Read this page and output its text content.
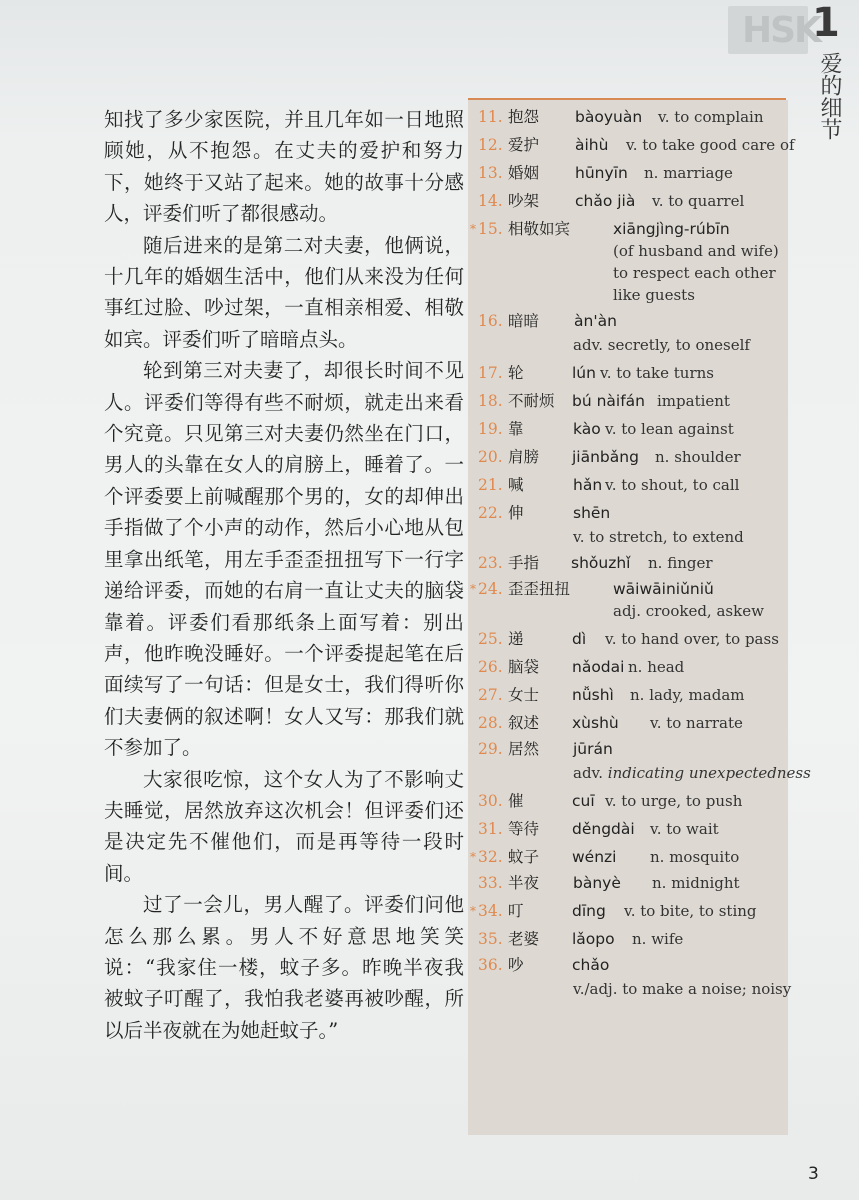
HSK
1
爱的细节

知找了多少家医院，并且几年如一日地照顾她，从不抱怨。在丈夫的爱护和努力下，她终于又站了起来。她的故事十分感人，评委们听了都很感动。

随后进来的是第二对夫妻，他俩说，十几年的婚姻生活中，他们从来没为任何事红过脸、吵过架，一直相亲相爱、相敬如宾。评委们听了暗暗点头。

轮到第三对夫妻了，却很长时间不见人。评委们等得有些不耐烦，就走出来看个究竟。只见第三对夫妻仍然坐在门口，男人的头靠在女人的肩膀上，睡着了。一个评委要上前喊醒那个男的，女的却伸出手指做了个小声的动作，然后小心地从包里拿出纸笔，用左手歪歪扭扭写下一行字递给评委，而她的右肩一直让丈夫的脑袋靠着。评委们看那纸条上面写着：别出声，他昨晚没睡好。一个评委提起笔在后面续写了一句话：但是女士，我们得听你们夫妻俩的叙述啊！女人又写：那我们就不参加了。

大家很吃惊，这个女人为了不影响丈夫睡觉，居然放弃这次机会！但评委们还是决定先不催他们，而是再等待一段时间。

过了一会儿，男人醒了。评委们问他怎么那么累。男人不好意思地笑笑说：“我家住一楼，蚊子多。昨晚半夜我被蚊子叮醒了，我怕我老婆再被吵醒，所以后半夜就在为她赶蚊子。”

11. 抱怨 bàoyuàn v. to complain
12. 爱护 àihù v. to take good care of
13. 婚姻 hūnyīn n. marriage
14. 吵架 chǎo jià v. to quarrel
* 15. 相敬如宾	xiāngjìng-rúbīn
(of husband and wife)
to respect each other
like guests
16. 暗暗 àn'àn
adv. secretly, to oneself
17. 轮	lún v. to take turns
18. 不耐烦 bú nàifán impatient
19. 靠	kào v. to lean against
20. 肩膀 jiānbǎng n. shoulder
21. 喊	hǎn v. to shout, to call
22. 伸	shēn
v. to stretch, to extend
23. 手指 shǒuzhǐ n. finger
* 24. 歪歪扭扭	wāiwāiniǔniǔ
adj. crooked, askew
25. 递	dì v. to hand over, to pass
26. 脑袋 nǎodai n. head
27. 女士 nǚshì n. lady, madam
28. 叙述 xùshù v. to narrate
29. 居然 jūrán
adv. indicating unexpectedness
30. 催	cuī v. to urge, to push
31. 等待 děngdài v. to wait
* 32. 蚊子 wénzi n. mosquito
33. 半夜 bànyè n. midnight
* 34. 叮	dīng v. to bite, to sting
35. 老婆 lǎopo n. wife
36. 吵	chǎo
v./adj. to make a noise; noisy
3
